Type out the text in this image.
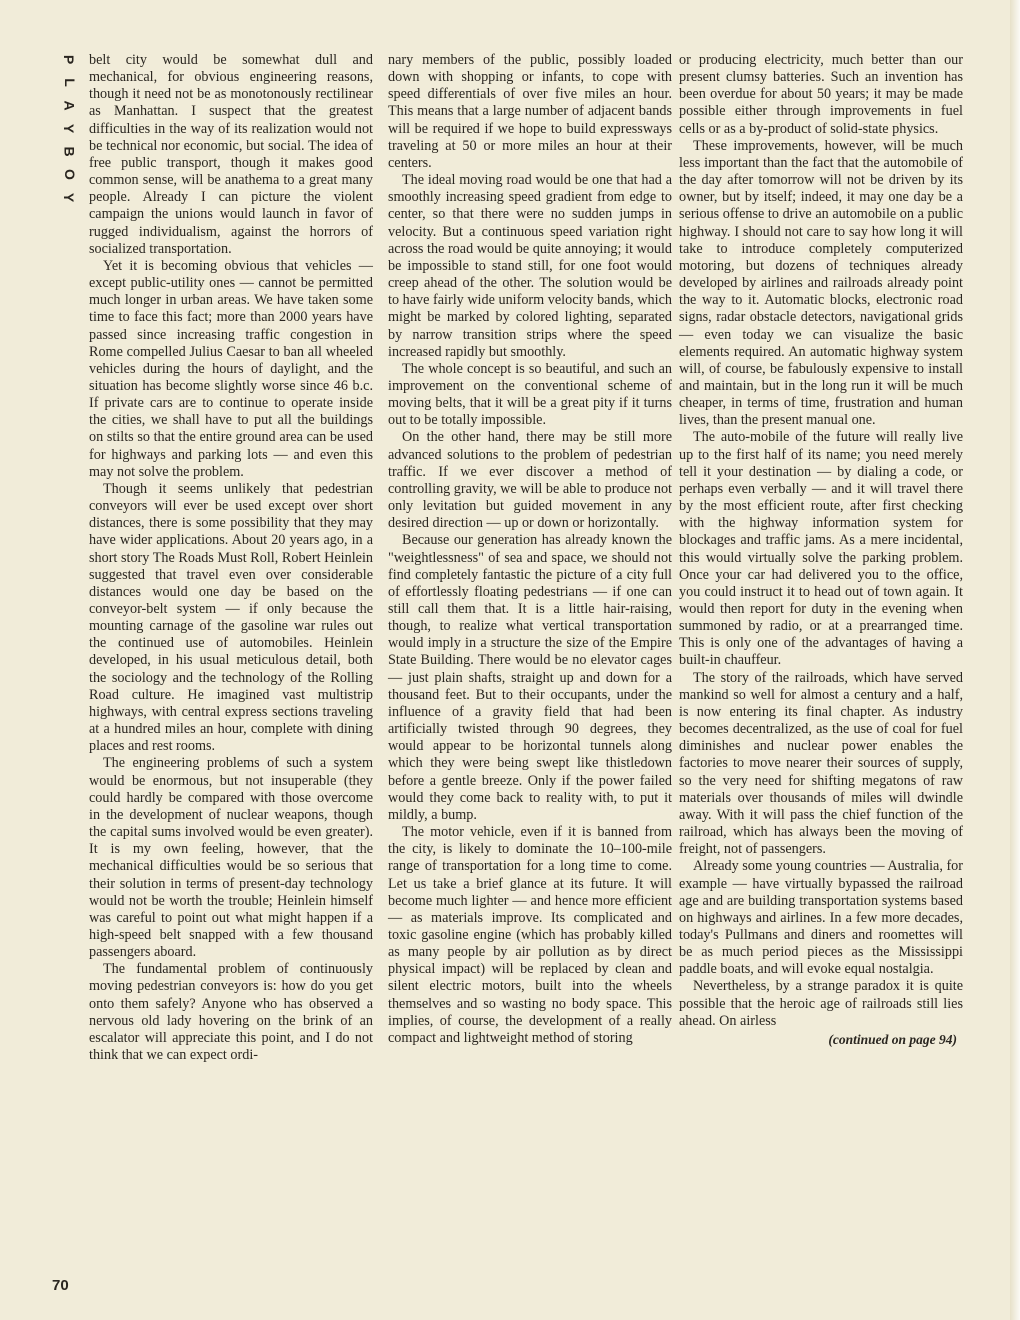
P
L
A
Y
B
O
Y
70

belt city would be somewhat dull and mechanical, for obvious engineering reasons, though it need not be as monotonously rectilinear as Manhattan. I suspect that the greatest difficulties in the way of its realization would not be technical nor economic, but social. The idea of free public transport, though it makes good common sense, will be anathema to a great many people. Already I can picture the violent campaign the unions would launch in favor of rugged individualism, against the horrors of socialized transportation.

Yet it is becoming obvious that vehicles — except public-utility ones — cannot be permitted much longer in urban areas. We have taken some time to face this fact; more than 2000 years have passed since increasing traffic congestion in Rome compelled Julius Caesar to ban all wheeled vehicles during the hours of daylight, and the situation has become slightly worse since 46 b.c. If private cars are to continue to operate inside the cities, we shall have to put all the buildings on stilts so that the entire ground area can be used for highways and parking lots — and even this may not solve the problem.

Though it seems unlikely that pedestrian conveyors will ever be used except over short distances, there is some possibility that they may have wider applications. About 20 years ago, in a short story The Roads Must Roll, Robert Heinlein suggested that travel even over considerable distances would one day be based on the conveyor-belt system — if only because the mounting carnage of the gasoline war rules out the continued use of automobiles. Heinlein developed, in his usual meticulous detail, both the sociology and the technology of the Rolling Road culture. He imagined vast multistrip highways, with central express sections traveling at a hundred miles an hour, complete with dining places and rest rooms.

The engineering problems of such a system would be enormous, but not insuperable (they could hardly be compared with those overcome in the development of nuclear weapons, though the capital sums involved would be even greater). It is my own feeling, however, that the mechanical difficulties would be so serious that their solution in terms of present-day technology would not be worth the trouble; Heinlein himself was careful to point out what might happen if a high-speed belt snapped with a few thousand passengers aboard.

The fundamental problem of continuously moving pedestrian conveyors is: how do you get onto them safely? Anyone who has observed a nervous old lady hovering on the brink of an escalator will appreciate this point, and I do not think that we can expect ordi-

nary members of the public, possibly loaded down with shopping or infants, to cope with speed differentials of over five miles an hour. This means that a large number of adjacent bands will be required if we hope to build expressways traveling at 50 or more miles an hour at their centers.

The ideal moving road would be one that had a smoothly increasing speed gradient from edge to center, so that there were no sudden jumps in velocity. But a continuous speed variation right across the road would be quite annoying; it would be impossible to stand still, for one foot would creep ahead of the other. The solution would be to have fairly wide uniform velocity bands, which might be marked by colored lighting, separated by narrow transition strips where the speed increased rapidly but smoothly.

The whole concept is so beautiful, and such an improvement on the conventional scheme of moving belts, that it will be a great pity if it turns out to be totally impossible.

On the other hand, there may be still more advanced solutions to the problem of pedestrian traffic. If we ever discover a method of controlling gravity, we will be able to produce not only levitation but guided movement in any desired direction — up or down or horizontally.

Because our generation has already known the "weightlessness" of sea and space, we should not find completely fantastic the picture of a city full of effortlessly floating pedestrians — if one can still call them that. It is a little hair-raising, though, to realize what vertical transportation would imply in a structure the size of the Empire State Building. There would be no elevator cages — just plain shafts, straight up and down for a thousand feet. But to their occupants, under the influence of a gravity field that had been artificially twisted through 90 degrees, they would appear to be horizontal tunnels along which they were being swept like thistledown before a gentle breeze. Only if the power failed would they come back to reality with, to put it mildly, a bump.

The motor vehicle, even if it is banned from the city, is likely to dominate the 10–100-mile range of transportation for a long time to come. Let us take a brief glance at its future. It will become much lighter — and hence more efficient — as materials improve. Its complicated and toxic gasoline engine (which has probably killed as many people by air pollution as by direct physical impact) will be replaced by clean and silent electric motors, built into the wheels themselves and so wasting no body space. This implies, of course, the development of a really compact and lightweight method of storing

or producing electricity, much better than our present clumsy batteries. Such an invention has been overdue for about 50 years; it may be made possible either through improvements in fuel cells or as a by-product of solid-state physics.

These improvements, however, will be much less important than the fact that the automobile of the day after tomorrow will not be driven by its owner, but by itself; indeed, it may one day be a serious offense to drive an automobile on a public highway. I should not care to say how long it will take to introduce completely computerized motoring, but dozens of techniques already developed by airlines and railroads already point the way to it. Automatic blocks, electronic road signs, radar obstacle detectors, navigational grids — even today we can visualize the basic elements required. An automatic highway system will, of course, be fabulously expensive to install and maintain, but in the long run it will be much cheaper, in terms of time, frustration and human lives, than the present manual one.

The auto-mobile of the future will really live up to the first half of its name; you need merely tell it your destination — by dialing a code, or perhaps even verbally — and it will travel there by the most efficient route, after first checking with the highway information system for blockages and traffic jams. As a mere incidental, this would virtually solve the parking problem. Once your car had delivered you to the office, you could instruct it to head out of town again. It would then report for duty in the evening when summoned by radio, or at a prearranged time. This is only one of the advantages of having a built-in chauffeur.

The story of the railroads, which have served mankind so well for almost a century and a half, is now entering its final chapter. As industry becomes decentralized, as the use of coal for fuel diminishes and nuclear power enables the factories to move nearer their sources of supply, so the very need for shifting megatons of raw materials over thousands of miles will dwindle away. With it will pass the chief function of the railroad, which has always been the moving of freight, not of passengers.

Already some young countries — Australia, for example — have virtually bypassed the railroad age and are building transportation systems based on highways and airlines. In a few more decades, today's Pullmans and diners and roomettes will be as much period pieces as the Mississippi paddle boats, and will evoke equal nostalgia.

Nevertheless, by a strange paradox it is quite possible that the heroic age of railroads still lies ahead. On airless

(continued on page 94)
